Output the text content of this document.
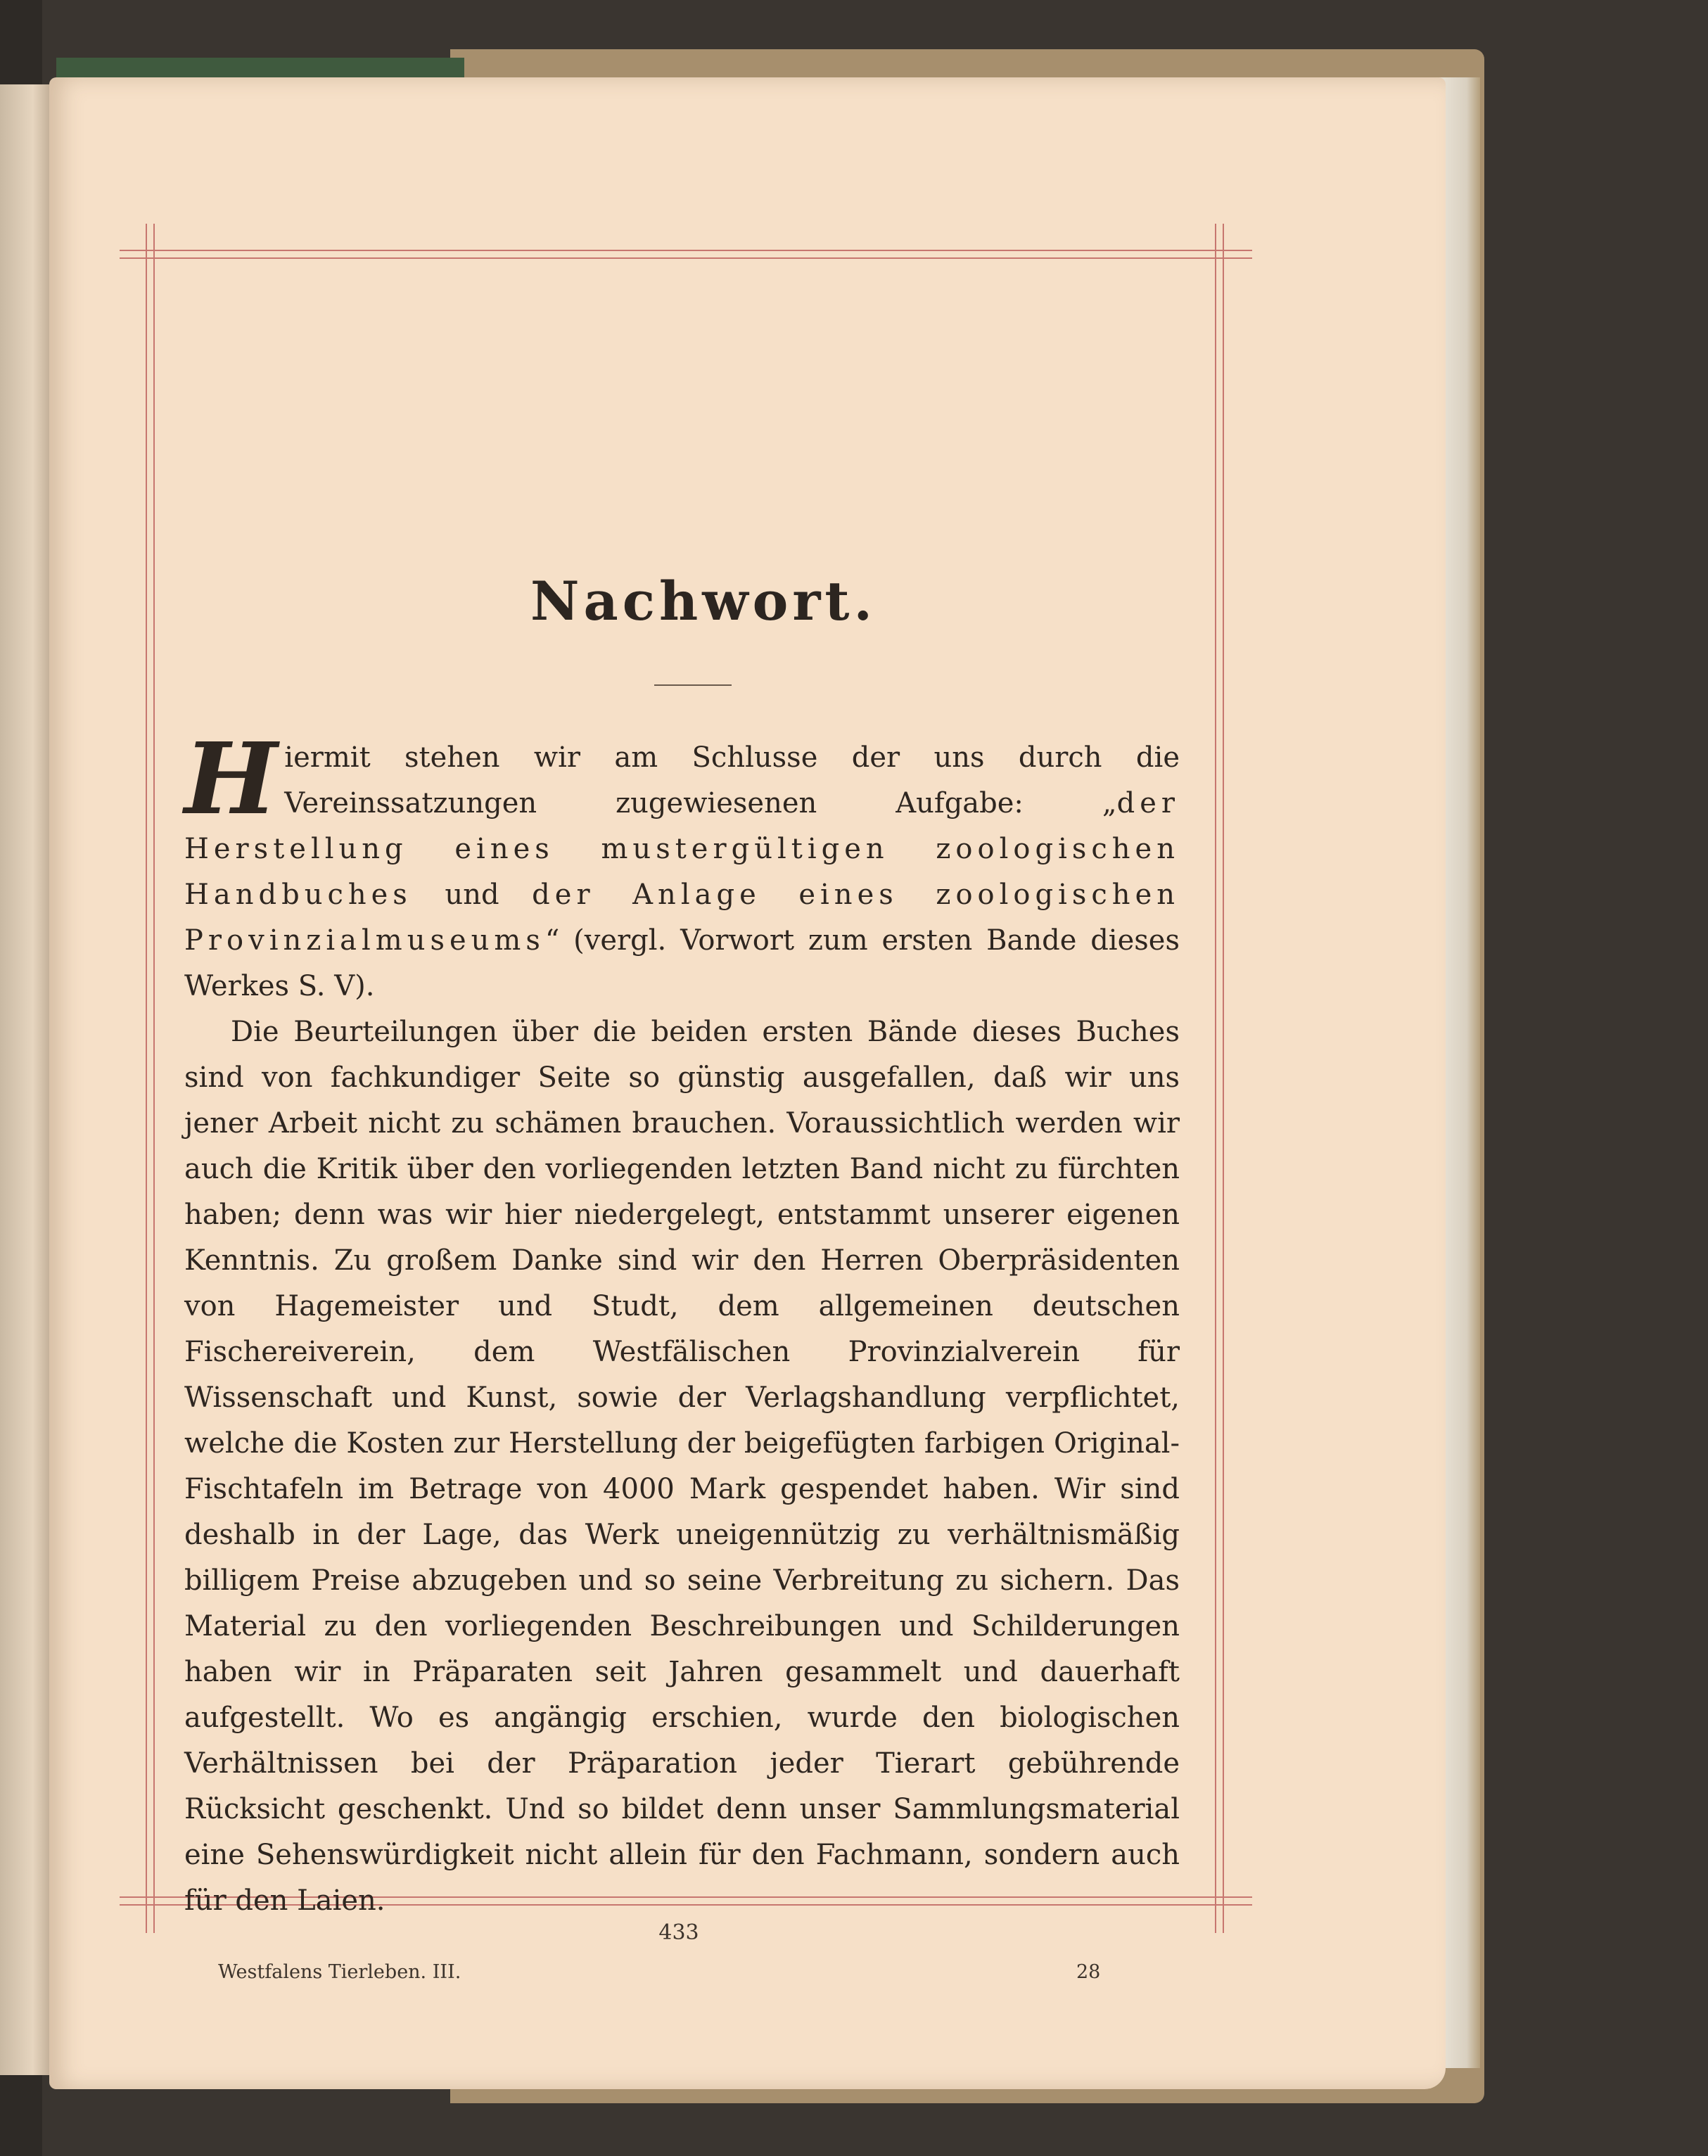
Nachwort.

Hiermit stehen wir am Schlusse der uns durch die Vereinssatzungen zugewiesenen Aufgabe: „der Herstellung eines mustergültigen zoologischen Handbuches und der Anlage eines zoologischen Provinzialmuseums“ (vergl. Vorwort zum ersten Bande dieses Werkes S. V).

Die Beurteilungen über die beiden ersten Bände dieses Buches sind von fachkundiger Seite so günstig ausgefallen, daß wir uns jener Arbeit nicht zu schämen brauchen. Voraussichtlich werden wir auch die Kritik über den vorliegenden letzten Band nicht zu fürchten haben; denn was wir hier niedergelegt, entstammt unserer eigenen Kenntnis. Zu großem Danke sind wir den Herren Oberpräsidenten von Hagemeister und Studt, dem allgemeinen deutschen Fischereiverein, dem Westfälischen Provinzialverein für Wissenschaft und Kunst, sowie der Verlagshandlung verpflichtet, welche die Kosten zur Herstellung der beigefügten farbigen Original-Fischtafeln im Betrage von 4000 Mark gespendet haben. Wir sind deshalb in der Lage, das Werk uneigennützig zu verhältnismäßig billigem Preise abzugeben und so seine Verbreitung zu sichern. Das Material zu den vorliegenden Beschreibungen und Schilderungen haben wir in Präparaten seit Jahren gesammelt und dauerhaft aufgestellt. Wo es angängig erschien, wurde den biologischen Verhältnissen bei der Präparation jeder Tierart gebührende Rücksicht geschenkt. Und so bildet denn unser Sammlungsmaterial eine Sehenswürdigkeit nicht allein für den Fachmann, sondern auch für den Laien.

433
Westfalens Tierleben. III.	28
